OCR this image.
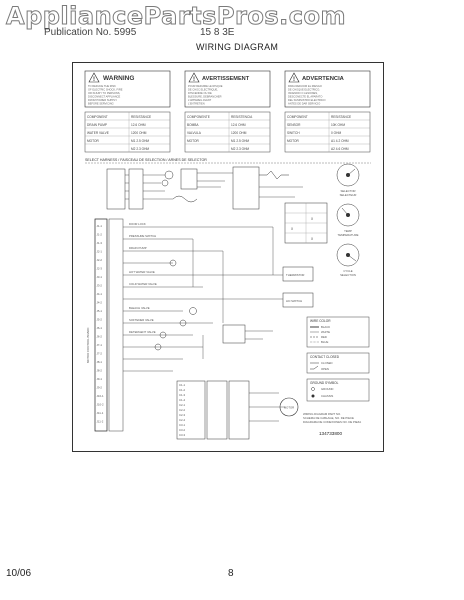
AppliancePartsPros.com
Publication No. 5995	15 8 3E
WIRING DIAGRAM
! WARNING
TO REDUCE THE RISK
OF ELECTRIC SHOCK, FIRE
OR INJURY TO PERSONS,
DISCONNECT APPLIANCE
FROM POWER SUPPLY
BEFORE SERVICING
! AVERTISSEMENT
POUR REDUIRE LE RISQUE
DE CHOC ELECTRIQUE,
D'INCENDIE OU DE
BLESSURE, DEBRANCHER
L'APPAREIL AVANT
L'ENTRETIEN
! ADVERTENCIA
PARA REDUCIR EL RIESGO
DE CHOQUE ELECTRICO,
INCENDIO O LESIONES,
DESCONECTE EL APARATO
DEL SUMINISTRO ELECTRICO
ANTES DE DAR SERVICIO
COMPONENT	RESISTANCE
DRAIN PUMP	12.6 OHM
WATER VALVE	1200 OHM
MOTOR	M1 2.5 OHM
M2 2.3 OHM
COMPONENTE	RESISTENCIA
BOMBA	12.6 OHM
VALVULA	1200 OHM
MOTOR	M1 2.5 OHM
M2 2.3 OHM
COMPONENT	RESISTANCE
SENSOR	10K OHM
SWITCH	0 OHM
MOTOR	A1 4.2 OHM
A2 4.6 OHM
SELECT HARNESS / FAISCEAU DE SELECTION / ARNES DE SELECTOR
X
X
X
SELECTOR
SELECTEUR
TEMP
TEMPERATURE
CYCLE
SELECTION
MOTOR CONTROL BOARD
J1-1
J1-2
J1-3
J2-1
J2-2
J2-3
J3-1
J3-2
J4-1
J4-2
J5-1
J5-2
J6-1
J6-2
J7-1
J7-2
J8-1
J8-2
J9-1
J9-2
J10-1
J10-2
J11-1
J11-2
THERMISTOR
LID SWITCH
DOOR LOCK
PRESSURE SWITCH
DRAIN PUMP
HOT WATER VALVE
COLD WATER VALVE
BLEACH VALVE
SOFTENER VALVE
DETERGENT VALVE
MOTOR
C1-1
C1-2
C1-3
C1-4
C2-1
C2-2
C2-3
C2-4
C3-1
C3-2
C3-3
WIRE COLOR
BLACK
WHITE
RED
BLUE
CONTACT CLOSED
CLOSED
OPEN
GROUND SYMBOL
GROUND
CHASSIS
WIRING DIAGRAM PART NO.
SCHEMA DE CABLAGE, NO. DE PIECE
DIAGRAMA DE CONEXIONES NO. DE PIEZA
134733800
10/06	8
